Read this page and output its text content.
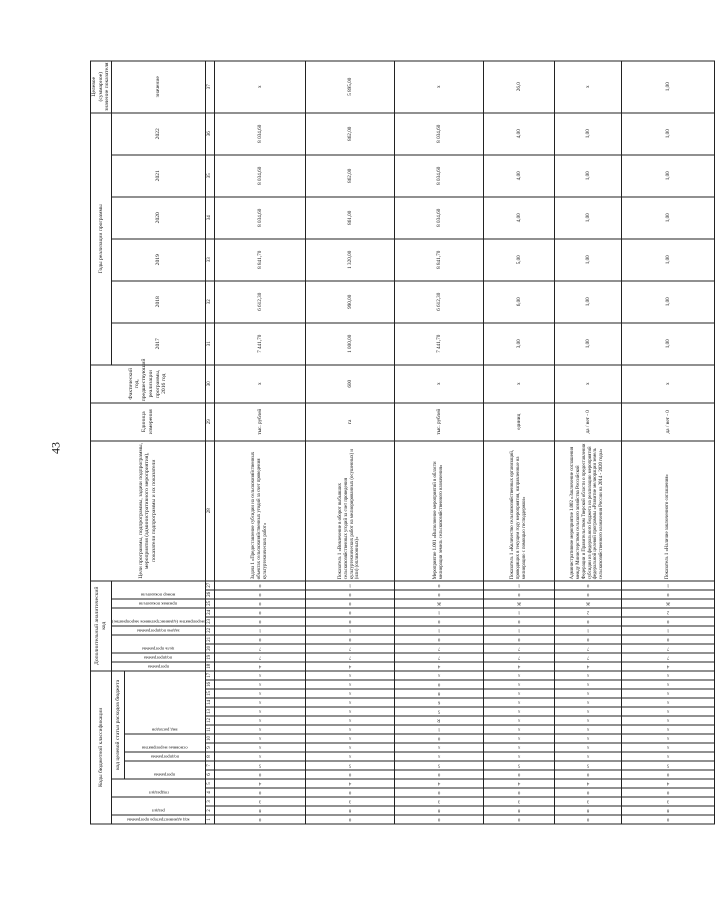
43
Коды бюджетной классификации																	Дополнительный аналитический код										Цели программы, подпрограммы, задачи подпрограммы, мероприятия (административного мероприятия), показатели подпрограммы и их показатели	Единица измерения	Фактический год, предшествующий реализации программы, 2016 год	Годы реализации программы						Целевое (суммарное) значение показателя

код администратора программы	раздел		подраздел		код целевой статьи расходов бюджета												программа	подпрограмма	цель программы		задача подпрограммы	мероприятие (административное мероприятие)		признак показателя	номер показателя					2017	2018	2019	2020	2021	2022	значение

					программа		подпрограмма	основные мероприятия		вид расходов																										

1	2	3	4	5	6	7	8	9	10	11	12	13	14	15	16	17	18	19	20	21	22	23	24	25	26	27	28	29	30	31	32	33	34	35	36	37

0	8	3	0	4	0	5	х	х	х	х	х	х	х	х	х	х	4	7	7	0	1	0	0	0	0	0	Задача 1 «Предоставление субсидии на сельскохозяйственных объектах сельскохозяйственных угодий за счет проведения культуртехнических работ»	тыс. рублей	х	7 441,70	6 612,30	8 841,70	8 034,60	8 034,60	8 034,60	х

0	8	3	0	4	0	5	х	х	х	х	х	х	х	х	х	х	4	7	7	0	1	0	0	0	0	1	Показатель 1 «Вовлечение в оборот выбывших сельскохозяйственных угодий за счет проведения культуртехнических работ на мелиорированных (осушенных) и (или) (оплиаонных)»	га	600	1 000,00	990,00	1 320,00	861,00	862,00	862,00	5 895,00

0	8	3	0	4	0	5	х	х	0	1	R	5	6	8	0	х	4	7	7	0	1	0	1	Ж	0	0	Мероприятие 1.001 «Выполнение мероприятий в области мелиорации земель сельскохозяйственного назначения»	тыс. рублей	х	7 441,70	6 612,30	8 841,70	8 034,60	8 034,60	8 034,60	х

0	8	3	0	4	0	5	х	х	х	х	х	х	х	х	х	х	4	7	7	0	1	0	1	Ж	0	1	Показатель 1 «Количество сельскохозяйственных организаций, проводящих в текущем году мероприятия, направленные на мелиорацию с помощью господдержки»	единиц	х	3,00	6,00	5,00	4,00	4,00	4,00	26,0

0	8	3	0	4	0	5	х	х	х	х	х	х	х	х	х	х	4	7	7	0	1	0	2	Ж	0	0	Административное мероприятие 1.002 «Заключение соглашения между Министерством сельского хозяйства Российской Федерации и Правительством Тверской области о предоставлении субсидии из федерального бюджета на реализацию мероприятий федеральной целевой программы «Развитие мелиорации земель сельскохозяйственного назначения России на 2014 - 2020 годы»	да / нет - 0	х	1,00	1,00	1,00	1,00	1,00	1,00	х

0	8	3	0	4	0	5	х	х	х	х	х	х	х	х	х	х	4	7	7	0	1	0	2	Ж	0	1	Показатель 1 «Наличие заключенного соглашения»	да / нет - 0	х	1,00	1,00	1,00	1,00	1,00	1,00	1,00
